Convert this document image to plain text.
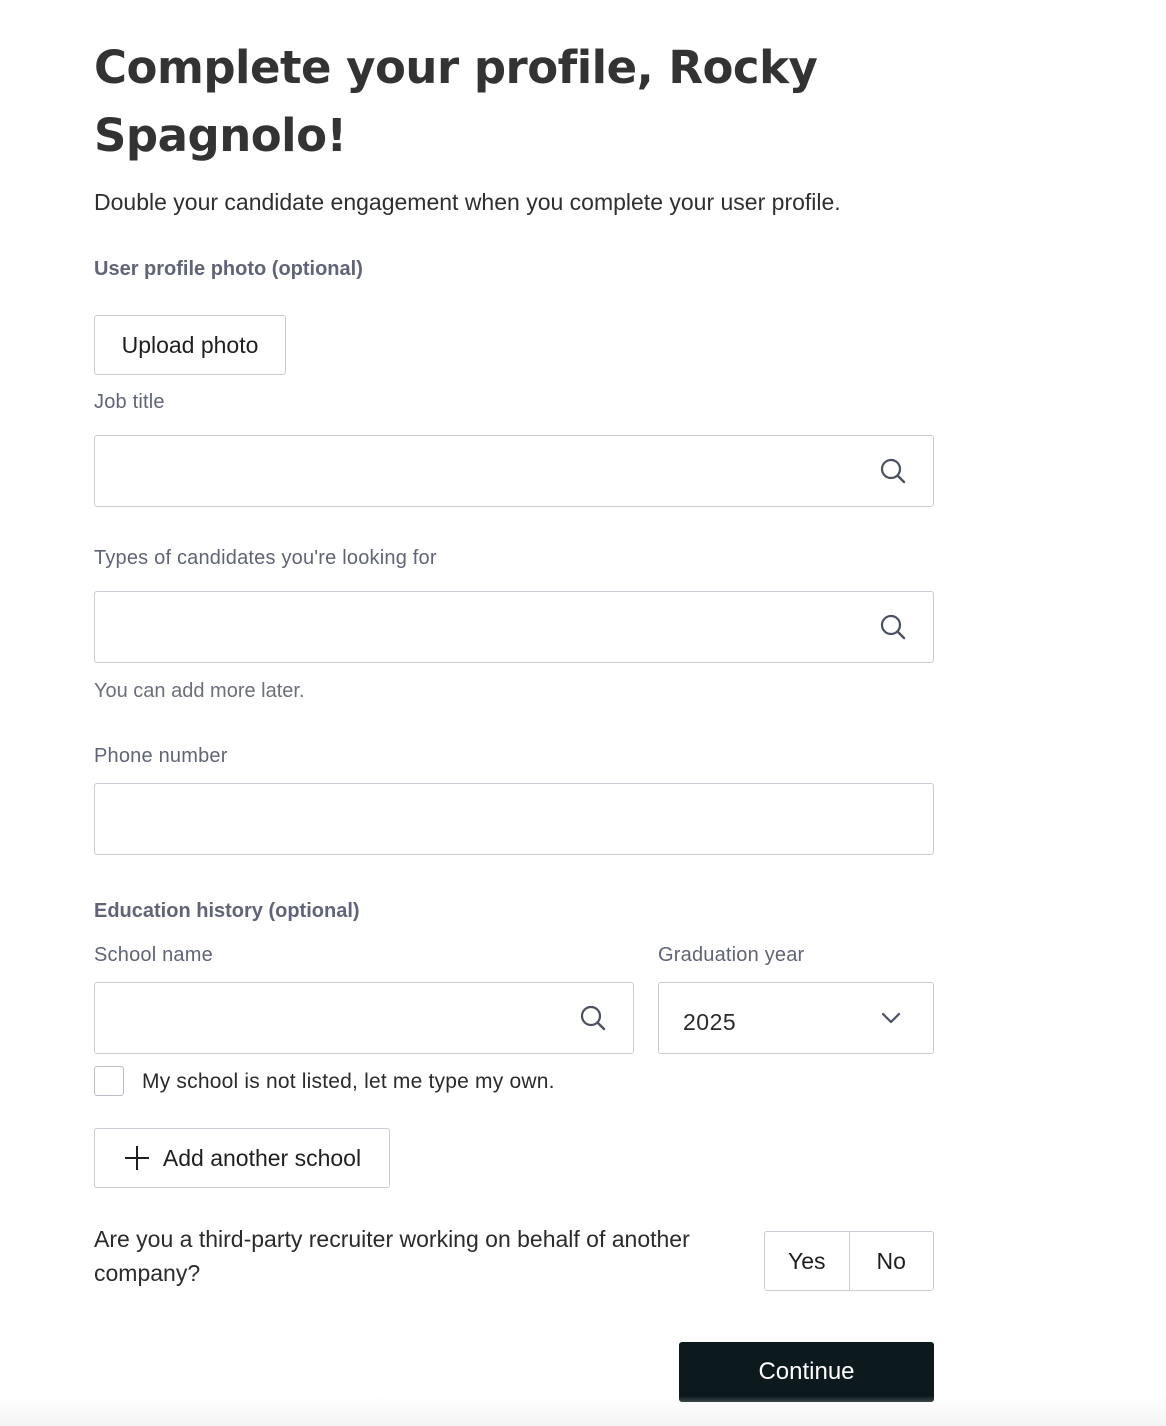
Complete your profile, Rocky Spagnolo!

Double your candidate engagement when you complete your user profile.

User profile photo (optional)

Upload photo

Job title

Types of candidates you're looking for

You can add more later.

Phone number

Education history (optional)

School name	Graduation year

2025
My school is not listed, let me type my own.
Add another school

Are you a third-party recruiter working on behalf of another company?	Yes	No
Continue
